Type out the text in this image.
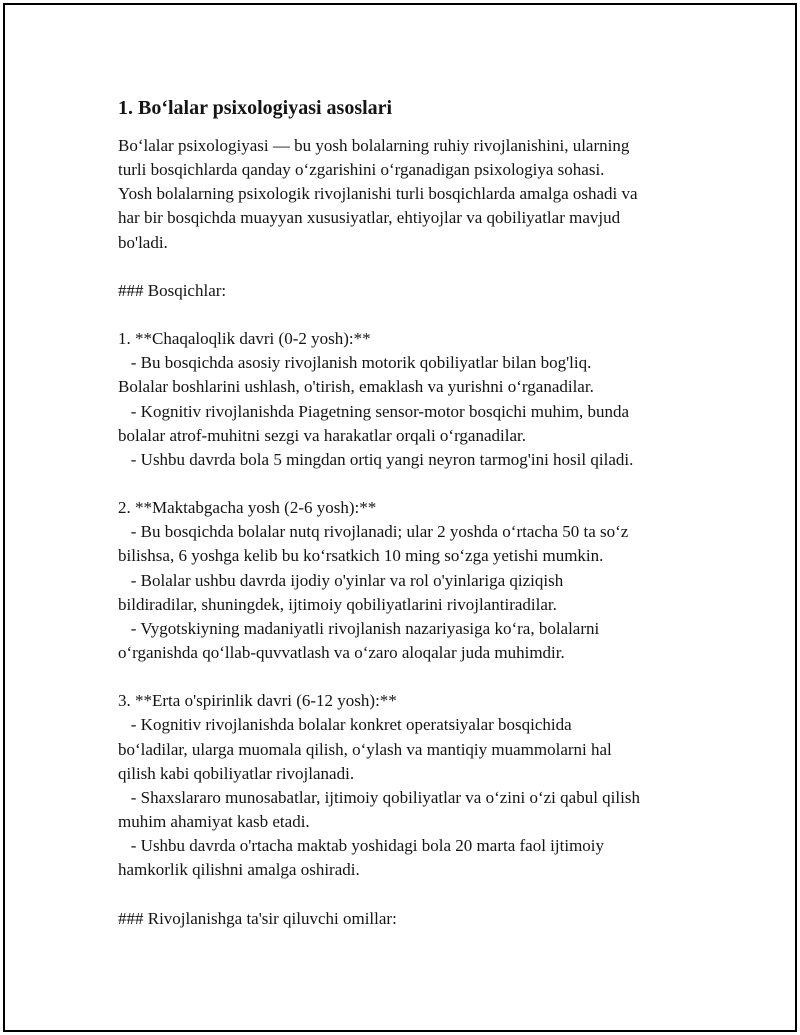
1. Bo‘lalar psixologiyasi asoslari
Bo‘lalar psixologiyasi — bu yosh bolalarning ruhiy rivojlanishini, ularning
turli bosqichlarda qanday o‘zgarishini o‘rganadigan psixologiya sohasi.
Yosh bolalarning psixologik rivojlanishi turli bosqichlarda amalga oshadi va
har bir bosqichda muayyan xususiyatlar, ehtiyojlar va qobiliyatlar mavjud
bo'ladi.
### Bosqichlar:
1. **Chaqaloqlik davri (0-2 yosh):**
- Bu bosqichda asosiy rivojlanish motorik qobiliyatlar bilan bog'liq.
Bolalar boshlarini ushlash, o'tirish, emaklash va yurishni o‘rganadilar.
- Kognitiv rivojlanishda Piagetning sensor-motor bosqichi muhim, bunda
bolalar atrof-muhitni sezgi va harakatlar orqali o‘rganadilar.
- Ushbu davrda bola 5 mingdan ortiq yangi neyron tarmog'ini hosil qiladi.
2. **Maktabgacha yosh (2-6 yosh):**
- Bu bosqichda bolalar nutq rivojlanadi; ular 2 yoshda o‘rtacha 50 ta so‘z
bilishsa, 6 yoshga kelib bu ko‘rsatkich 10 ming so‘zga yetishi mumkin.
- Bolalar ushbu davrda ijodiy o'yinlar va rol o'yinlariga qiziqish
bildiradilar, shuningdek, ijtimoiy qobiliyatlarini rivojlantiradilar.
- Vygotskiyning madaniyatli rivojlanish nazariyasiga ko‘ra, bolalarni
o‘rganishda qo‘llab-quvvatlash va o‘zaro aloqalar juda muhimdir.
3. **Erta o'spirinlik davri (6-12 yosh):**
- Kognitiv rivojlanishda bolalar konkret operatsiyalar bosqichida
bo‘ladilar, ularga muomala qilish, o‘ylash va mantiqiy muammolarni hal
qilish kabi qobiliyatlar rivojlanadi.
- Shaxslararo munosabatlar, ijtimoiy qobiliyatlar va o‘zini o‘zi qabul qilish
muhim ahamiyat kasb etadi.
- Ushbu davrda o'rtacha maktab yoshidagi bola 20 marta faol ijtimoiy
hamkorlik qilishni amalga oshiradi.
### Rivojlanishga ta'sir qiluvchi omillar:
